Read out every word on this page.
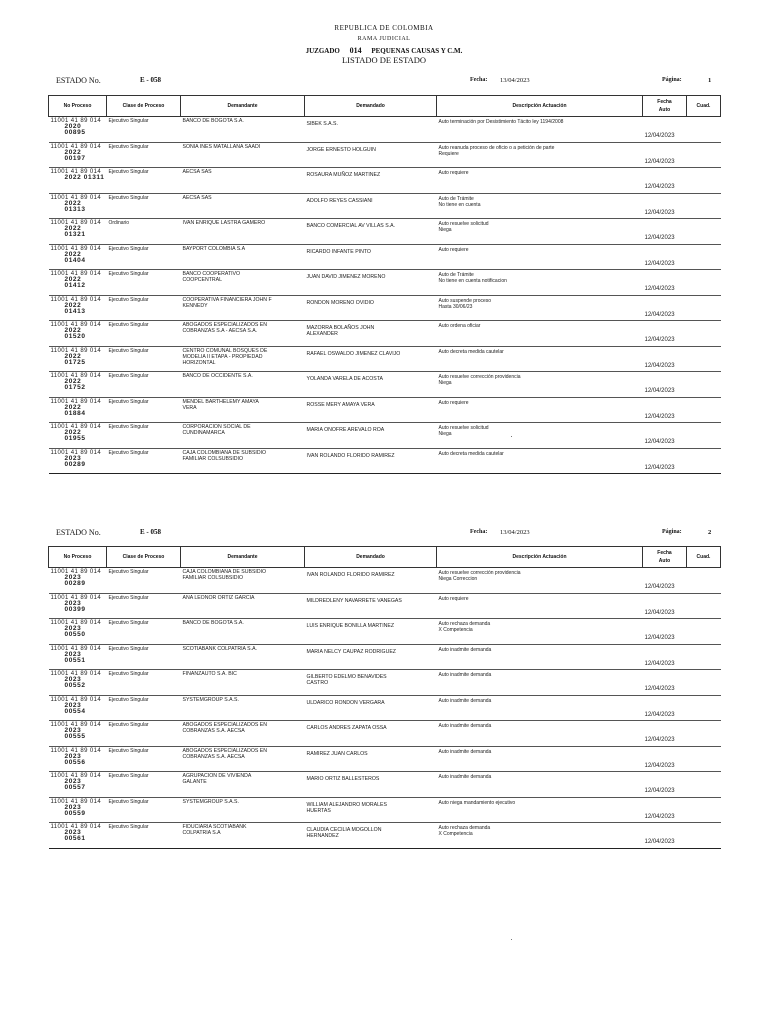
REPUBLICA DE COLOMBIA
RAMA JUDICIAL
JUZGADO 014 PEQUENAS CAUSAS Y C.M.
LISTADO DE ESTADO
ESTADO No.	E - 058	Fecha: 13/04/2023	Página:	1
No Proceso	Clase de Proceso	Demandante	Demandado	Descripción Actuación	Fecha
Auto	Cuad.

11001 41 89 014
2020 00895	Ejecutivo Singular	BANCO DE BOGOTA S.A.	SIBEK S.A.S.	Auto terminación por Desistimiento Tácito ley 1194/2008	12/04/2023	

11001 41 89 014
2022 00197	Ejecutivo Singular	SONIA INES MATALLANA SAADI	JORGE ERNESTO HOLGUIN	Auto reanuda proceso de oficio o a petición de parte
Requiere	12/04/2023	

11001 41 89 014
2022 01311	Ejecutivo Singular	AECSA SAS	ROSAURA MUÑOZ MARTINEZ	Auto requiere	12/04/2023	

11001 41 89 014
2022 01313	Ejecutivo Singular	AECSA SAS	ADOLFO REYES CASSIANI	Auto de Trámite
No tiene en cuenta	12/04/2023	

11001 41 89 014
2022 01321	Ordinario	IVAN ENRIQUE LASTRA GAMERO	BANCO COMERCIAL AV VILLAS S.A.	Auto resuelve solicitud
Niega	12/04/2023	

11001 41 89 014
2022 01404	Ejecutivo Singular	BAYPORT COLOMBIA S.A	RICARDO INFANTE PINTO	Auto requiere	12/04/2023	

11001 41 89 014
2022 01412	Ejecutivo Singular	BANCO COOPERATIVO
COOPCENTRAL	JUAN DAVID JIMENEZ MORENO	Auto de Trámite
No tiene en cuenta notificacion	12/04/2023	

11001 41 89 014
2022 01413	Ejecutivo Singular	COOPERATIVA FINANCIERA JOHN F
KENNEDY	RONDON MORENO OVIDIO	Auto suspende proceso
Hasta 30/06/23	12/04/2023	

11001 41 89 014
2022 01520	Ejecutivo Singular	ABOGADOS ESPECIALIZADOS EN
COBRANZAS S.A - AECSA S.A.	MAZORRA BOLAÑOS JOHN
ALEXANDER	Auto ordena oficiar	12/04/2023	

11001 41 89 014
2022 01725	Ejecutivo Singular	CENTRO COMUNAL BOSQUES DE
MODELIA II ETAPA - PROPIEDAD
HORIZONTAL	RAFAEL OSWALDO JIMENEZ CLAVIJO	Auto decreta medida cautelar	12/04/2023	

11001 41 89 014
2022 01752	Ejecutivo Singular	BANCO DE OCCIDENTE S.A.	YOLANDA VARELA DE ACOSTA	Auto resuelve corrección providencia
Niega	12/04/2023	

11001 41 89 014
2022 01884	Ejecutivo Singular	MENDEL BARTHELEMY AMAYA
VERA	ROSSE MERY AMAYA VERA	Auto requiere	12/04/2023	

11001 41 89 014
2022 01955	Ejecutivo Singular	CORPORACION SOCIAL DE
CUNDINAMARCA	MARIA ONOFRE AREVALO ROA	Auto resuelve solicitud
Niega	12/04/2023	

11001 41 89 014
2023 00289	Ejecutivo Singular	CAJA COLOMBIANA DE SUBSIDIO
FAMILIAR COLSUBSIDIO	IVAN ROLANDO FLORIDO RAMIREZ	Auto decreta medida cautelar	12/04/2023	
ESTADO No.	E - 058	Fecha: 13/04/2023	Página:	2
No Proceso	Clase de Proceso	Demandante	Demandado	Descripción Actuación	Fecha
Auto	Cuad.

11001 41 89 014
2023 00289	Ejecutivo Singular	CAJA COLOMBIANA DE SUBSIDIO
FAMILIAR COLSUBSIDIO	IVAN ROLANDO FLORIDO RAMIREZ	Auto resuelve corrección providencia
Niega Correccion	12/04/2023	

11001 41 89 014
2023 00399	Ejecutivo Singular	ANA LEONOR ORTIZ GARCIA	MILDREDLENY NAVARRETE VANEGAS	Auto requiere	12/04/2023	

11001 41 89 014
2023 00550	Ejecutivo Singular	BANCO DE BOGOTA S.A.	LUIS ENRIQUE BONILLA MARTINEZ	Auto rechaza demanda
X Competencia	12/04/2023	

11001 41 89 014
2023 00551	Ejecutivo Singular	SCOTIABANK COLPATRIA S.A.	MARIA NELCY CAUPAZ RODRIGUEZ	Auto inadmite demanda	12/04/2023	

11001 41 89 014
2023 00552	Ejecutivo Singular	FINANZAUTO S.A. BIC	GILBERTO EDELMO BENAVIDES
CASTRO	Auto inadmite demanda	12/04/2023	

11001 41 89 014
2023 00554	Ejecutivo Singular	SYSTEMGROUP S.A.S.	ULDARICO RONDON VERGARA	Auto inadmite demanda	12/04/2023	

11001 41 89 014
2023 00555	Ejecutivo Singular	ABOGADOS ESPECIALIZADOS EN
COBRANZAS S.A. AECSA	CARLOS ANDRES ZAPATA OSSA	Auto inadmite demanda	12/04/2023	

11001 41 89 014
2023 00556	Ejecutivo Singular	ABOGADOS ESPECIALIZADOS EN
COBRANZAS S.A. AECSA	RAMIREZ JUAN CARLOS	Auto inadmite demanda	12/04/2023	

11001 41 89 014
2023 00557	Ejecutivo Singular	AGRUPACION DE VIVIENDA
GALANTE	MARIO ORTIZ BALLESTEROS	Auto inadmite demanda	12/04/2023	

11001 41 89 014
2023 00559	Ejecutivo Singular	SYSTEMGROUP S.A.S.	WILLIAM ALEJANDRO MORALES
HUERTAS	Auto niega mandamiento ejecutivo	12/04/2023	

11001 41 89 014
2023 00561	Ejecutivo Singular	FIDUCIARIA SCOTIABANK
COLPATRIA S.A	CLAUDIA CECILIA MOGOLLON
HERNANDEZ	Auto rechaza demanda
X Competencia	12/04/2023	
